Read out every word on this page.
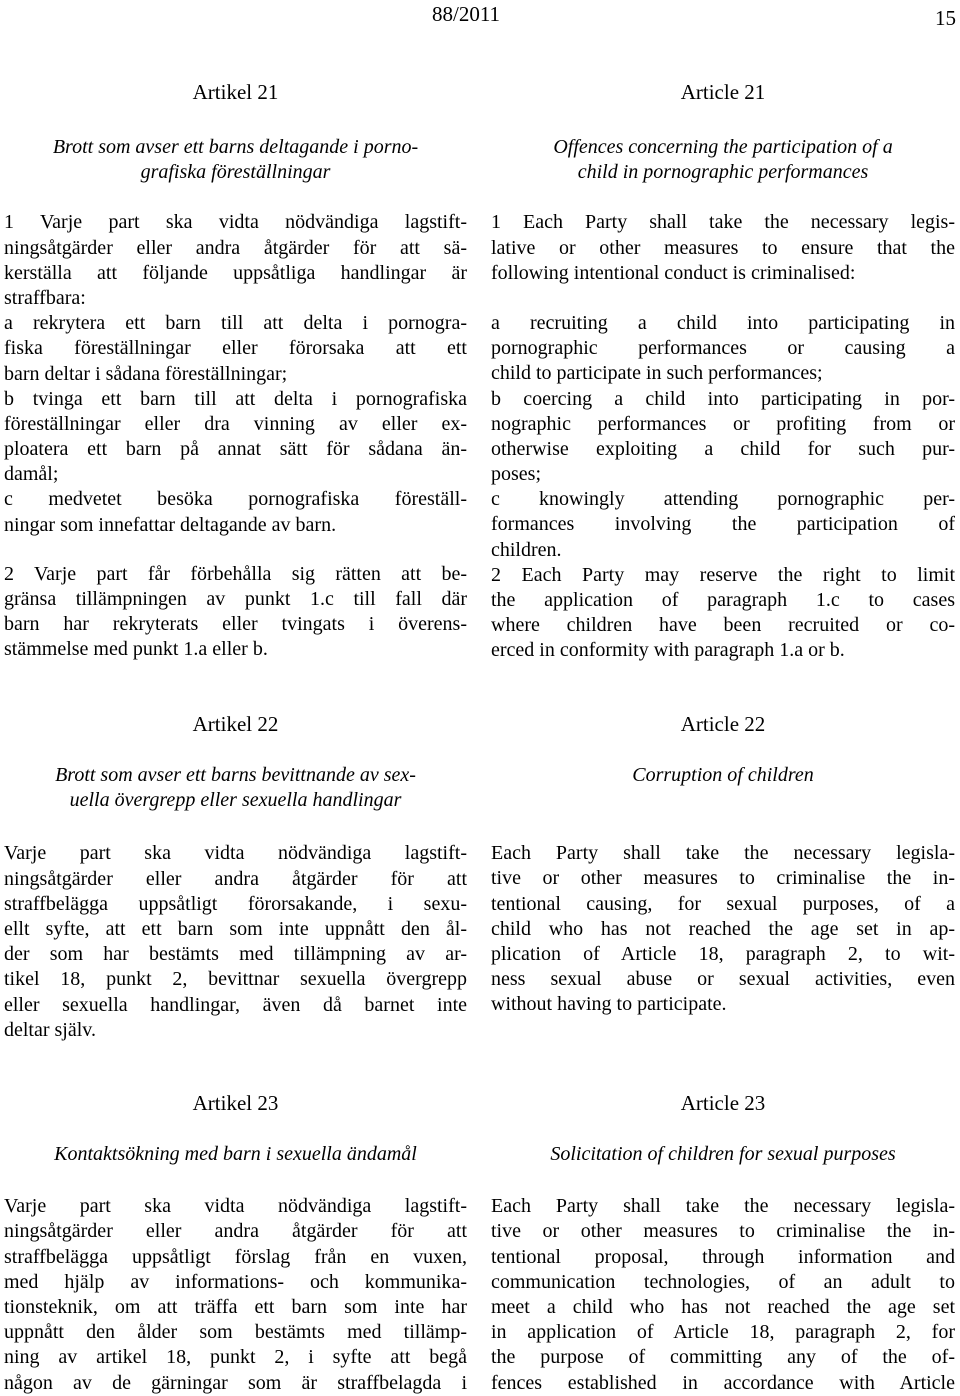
88/2011	15
Artikel 21
Brott som avser ett barns deltagande i porno-
grafiska föreställningar
1 Varje part ska vidta nödvändiga lagstift-
ningsåtgärder eller andra åtgärder för att sä-
kerställa att följande uppsåtliga handlingar är
straffbara:
a rekrytera ett barn till att delta i pornogra-
fiska föreställningar eller förorsaka att ett
barn deltar i sådana föreställningar;
b tvinga ett barn till att delta i pornografiska
föreställningar eller dra vinning av eller ex-
ploatera ett barn på annat sätt för sådana än-
damål;
c medvetet besöka pornografiska föreställ-
ningar som innefattar deltagande av barn.
2 Varje part får förbehålla sig rätten att be-
gränsa tillämpningen av punkt 1.c till fall där
barn har rekryterats eller tvingats i överens-
stämmelse med punkt 1.a eller b.
Article 21
Offences concerning the participation of a
child in pornographic performances
1 Each Party shall take the necessary legis-
lative or other measures to ensure that the
following intentional conduct is criminalised:
a recruiting a child into participating in
pornographic performances or causing a
child to participate in such performances;
b coercing a child into participating in por-
nographic performances or profiting from or
otherwise exploiting a child for such pur-
poses;
c knowingly attending pornographic per-
formances involving the participation of
children.
2 Each Party may reserve the right to limit
the application of paragraph 1.c to cases
where children have been recruited or co-
erced in conformity with paragraph 1.a or b.
Artikel 22
Brott som avser ett barns bevittnande av sex-
uella övergrepp eller sexuella handlingar
Varje part ska vidta nödvändiga lagstift-
ningsåtgärder eller andra åtgärder för att
straffbelägga uppsåtligt förorsakande, i sexu-
ellt syfte, att ett barn som inte uppnått den ål-
der som har bestämts med tillämpning av ar-
tikel 18, punkt 2, bevittnar sexuella övergrepp
eller sexuella handlingar, även då barnet inte
deltar själv.
Article 22
Corruption of children
Each Party shall take the necessary legisla-
tive or other measures to criminalise the in-
tentional causing, for sexual purposes, of a
child who has not reached the age set in ap-
plication of Article 18, paragraph 2, to wit-
ness sexual abuse or sexual activities, even
without having to participate.
Artikel 23
Kontaktsökning med barn i sexuella ändamål
Varje part ska vidta nödvändiga lagstift-
ningsåtgärder eller andra åtgärder för att
straffbelägga uppsåtligt förslag från en vuxen,
med hjälp av informations- och kommunika-
tionsteknik, om att träffa ett barn som inte har
uppnått den ålder som bestämts med tillämp-
ning av artikel 18, punkt 2, i syfte att begå
någon av de gärningar som är straffbelagda i
Article 23
Solicitation of children for sexual purposes
Each Party shall take the necessary legisla-
tive or other measures to criminalise the in-
tentional proposal, through information and
communication technologies, of an adult to
meet a child who has not reached the age set
in application of Article 18, paragraph 2, for
the purpose of committing any of the of-
fences established in accordance with Article
